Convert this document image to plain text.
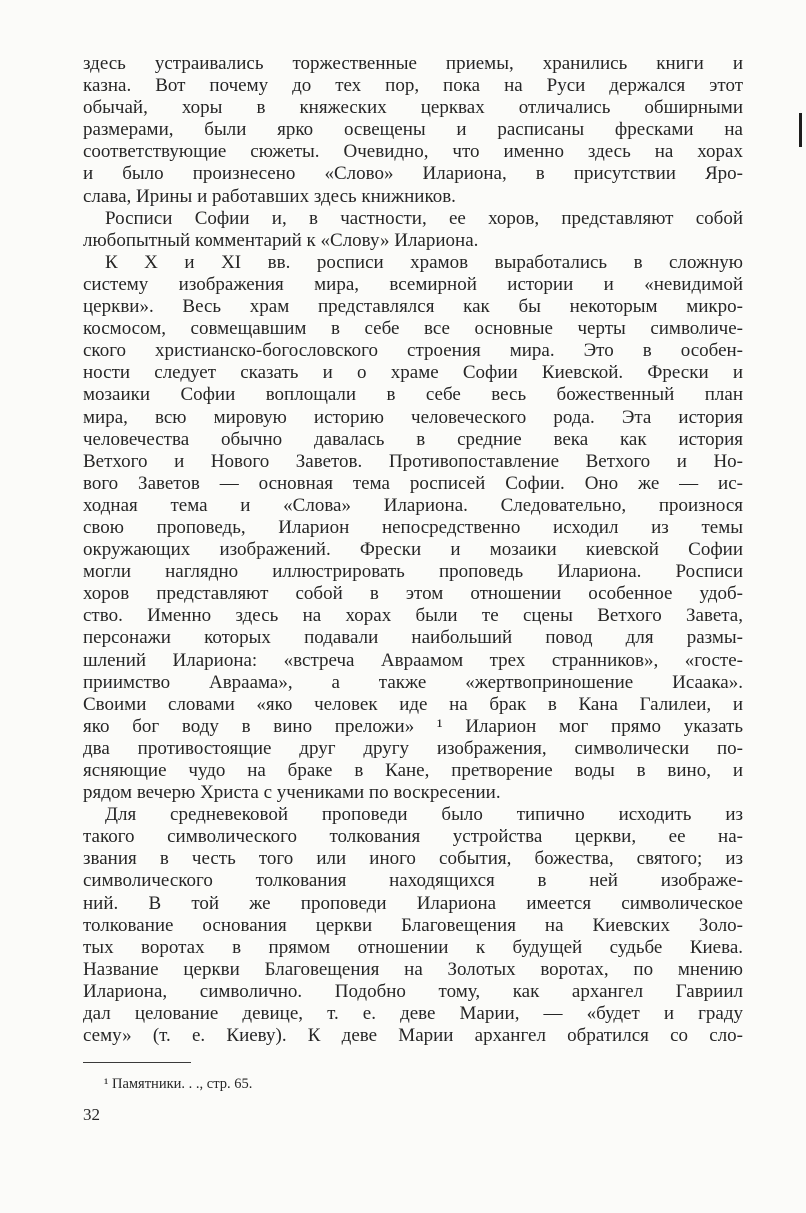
здесь устраивались торжественные приемы, хранились книги и
казна. Вот почему до тех пор, пока на Руси держался этот
обычай, хоры в княжеских церквах отличались обширными
размерами, были ярко освещены и расписаны фресками на
соответствующие сюжеты. Очевидно, что именно здесь на хорах
и было произнесено «Слово» Илариона, в присутствии Яро-
слава, Ирины и работавших здесь книжников.
Росписи Софии и, в частности, ее хоров, представляют собой
любопытный комментарий к «Слову» Илариона.
К X и XI вв. росписи храмов выработались в сложную
систему изображения мира, всемирной истории и «невидимой
церкви». Весь храм представлялся как бы некоторым микро-
космосом, совмещавшим в себе все основные черты символиче-
ского христианско-богословского строения мира. Это в особен-
ности следует сказать и о храме Софии Киевской. Фрески и
мозаики Софии воплощали в себе весь божественный план
мира, всю мировую историю человеческого рода. Эта история
человечества обычно давалась в средние века как история
Ветхого и Нового Заветов. Противопоставление Ветхого и Но-
вого Заветов — основная тема росписей Софии. Оно же — ис-
ходная тема и «Слова» Илариона. Следовательно, произнося
свою проповедь, Иларион непосредственно исходил из темы
окружающих изображений. Фрески и мозаики киевской Софии
могли наглядно иллюстрировать проповедь Илариона. Росписи
хоров представляют собой в этом отношении особенное удоб-
ство. Именно здесь на хорах были те сцены Ветхого Завета,
персонажи которых подавали наибольший повод для размы-
шлений Илариона: «встреча Авраамом трех странников», «госте-
приимство Авраама», а также «жертвоприношение Исаака».
Своими словами «яко человек иде на брак в Кана Галилеи, и
яко бог воду в вино преложи» ¹ Иларион мог прямо указать
два противостоящие друг другу изображения, символически по-
ясняющие чудо на браке в Кане, претворение воды в вино, и
рядом вечерю Христа с учениками по воскресении.
Для средневековой проповеди было типично исходить из
такого символического толкования устройства церкви, ее на-
звания в честь того или иного события, божества, святого; из
символического толкования находящихся в ней изображе-
ний. В той же проповеди Илариона имеется символическое
толкование основания церкви Благовещения на Киевских Золо-
тых воротах в прямом отношении к будущей судьбе Киева.
Название церкви Благовещения на Золотых воротах, по мнению
Илариона, символично. Подобно тому, как архангел Гавриил
дал целование девице, т. е. деве Марии, — «будет и граду
сему» (т. е. Киеву). К деве Марии архангел обратился со сло-
¹ Памятники. . ., стр. 65.
32
